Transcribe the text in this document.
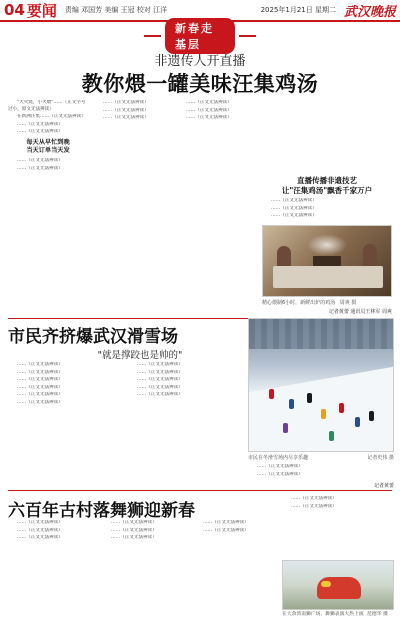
04 要闻 责编 邓国芳 美编 王冠 校对 江洋	2025年1月21日 星期二 武汉晚报
新春走基层
非遗传人开直播
教你煨一罐美味汪集鸡汤

"大火烧，小火煨"……（正文字号过小，原文无法辨读）

在新洲汪集……（正文无法辨读）

……（正文无法辨读）

……（正文无法辨读）

每天从早忙到晚
当天订单当天发

……（正文无法辨读）

……（正文无法辨读）

……（正文无法辨读）

……（正文无法辨读）

……（正文无法辨读）

……（正文无法辨读）

……（正文无法辨读）

……（正文无法辨读）

直播传播非遗技艺
让"汪集鸡汤"飘香千家万户

……（正文无法辨读）

……（正文无法辨读）

……（正文无法辨读）

精心煨制6小时，新鲜出炉的鸡汤 周爽 摄
记者黄蕾 通讯员王林军 周爽
市民齐挤爆武汉滑雪场
"就是撑跤也是帅的"

……（正文无法辨读）

……（正文无法辨读）

……（正文无法辨读）

……（正文无法辨读）

……（正文无法辨读）

……（正文无法辨读）

……（正文无法辨读）

……（正文无法辨读）

……（正文无法辨读）

……（正文无法辨读）

……（正文无法辨读）

市民在冬滑雪场内尽享乐趣	记者史伟 摄

……（正文无法辨读）

……（正文无法辨读）

记者黄蕾
六百年古村落舞狮迎新春

……（正文无法辨读）

……（正文无法辨读）

……（正文无法辨读）

……（正文无法辨读）

……（正文无法辨读）

……（正文无法辨读）

……（正文无法辨读）

……（正文无法辨读）

……（正文无法辨读）

……（正文无法辨读）

在大余湾南狮广场，舞狮表演大热上演 范德华 摄
